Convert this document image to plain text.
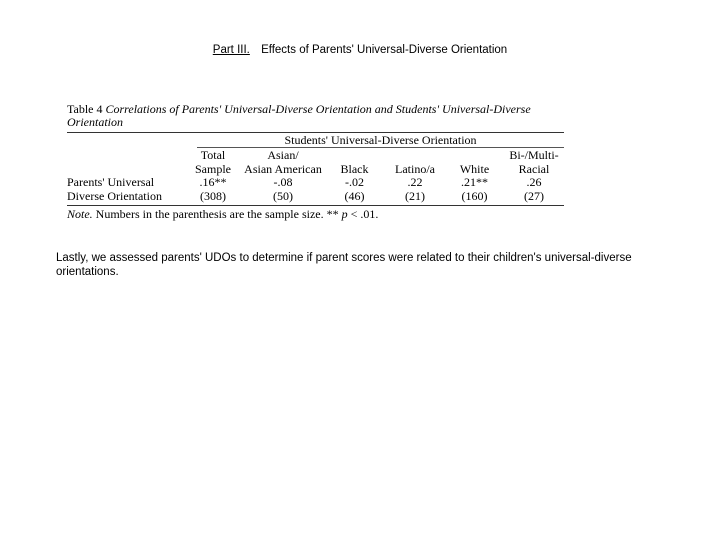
Part III. Effects of Parents' Universal-Diverse Orientation
Table 4 Correlations of Parents' Universal-Diverse Orientation and Students' Universal-Diverse Orientation
Students' Universal-Diverse Orientation

Parents' Universal
Diverse Orientation
Total
Sample
.16**
(308)
Asian/
Asian American
-.08
(50)

Black
-.02
(46)

Latino/a
.22
(21)

White
.21**
(160)
Bi-/Multi-
Racial
.26
(27)
Note. Numbers in the parenthesis are the sample size. ** p < .01.
Lastly, we assessed parents' UDOs to determine if parent scores were related to their children's universal-diverse orientations.
